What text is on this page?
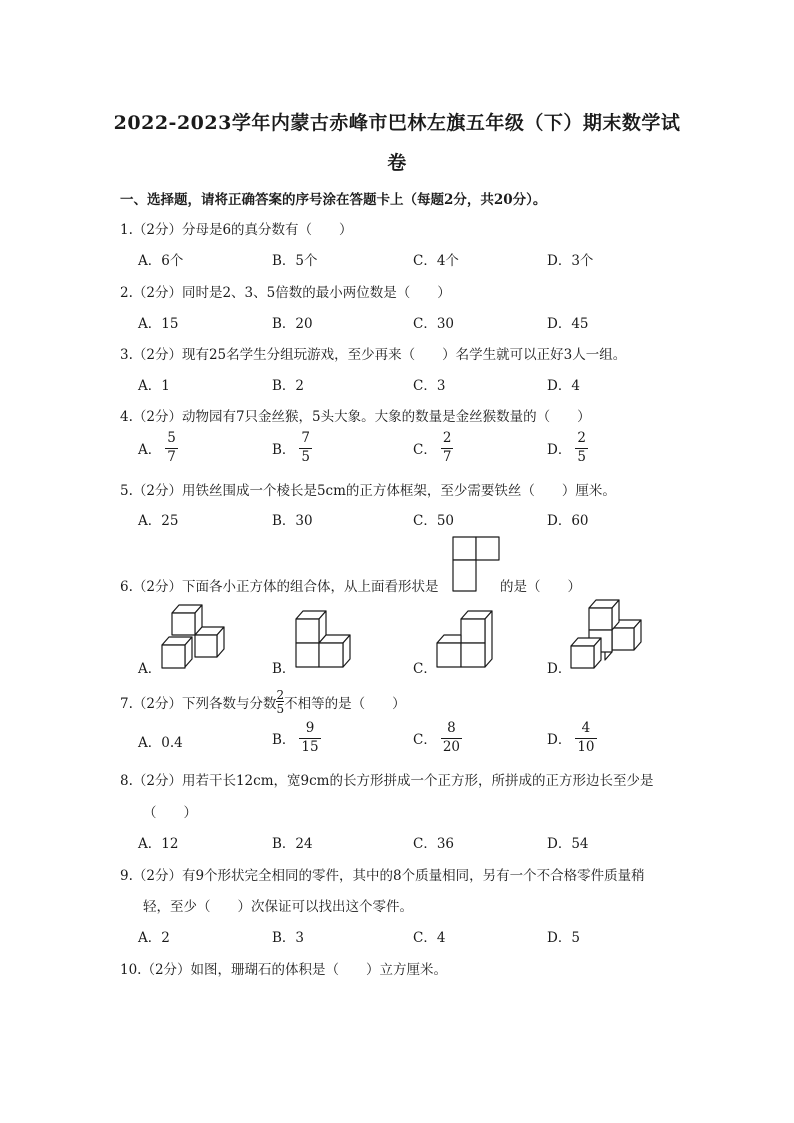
2022-2023学年内蒙古赤峰市巴林左旗五年级（下）期末数学试
卷
一、选择题，请将正确答案的序号涂在答题卡上（每题2分，共20分）。
1.（2分）分母是6的真分数有（　　）
A．6个	B．5个	C．4个	D．3个
2.（2分）同时是2、3、5倍数的最小两位数是（　　）
A．15	B．20	C．30	D．45
3.（2分）现有25名学生分组玩游戏，至少再来（　　）名学生就可以正好3人一组。
A．1	B．2	C．3	D．4
4.（2分）动物园有7只金丝猴，5头大象。大象的数量是金丝猴数量的（　　）
A． $\frac{5}{7}$	B． $\frac{7}{5}$	C． $\frac{2}{7}$	D． $\frac{2}{5}$
5.（2分）用铁丝围成一个棱长是5cm的正方体框架，至少需要铁丝（　　）厘米。
A．25	B．30	C．50	D．60
6.（2分）下面各小正方体的组合体，从上面看形状是	的是（　　）
A．	B．	C．	D．
7.（2分）下列各数与分数 $\frac{2}{5}$ 不相等的是（　　）
A．0.4	B． $\frac{9}{15}$	C． $\frac{8}{20}$	D． $\frac{4}{10}$
8.（2分）用若干长12cm，宽9cm的长方形拼成一个正方形，所拼成的正方形边长至少是
（　　）
A．12	B．24	C．36	D．54
9.（2分）有9个形状完全相同的零件，其中的8个质量相同，另有一个不合格零件质量稍
轻，至少（　　）次保证可以找出这个零件。
A．2	B．3	C．4	D．5
10.（2分）如图，珊瑚石的体积是（　　）立方厘米。
